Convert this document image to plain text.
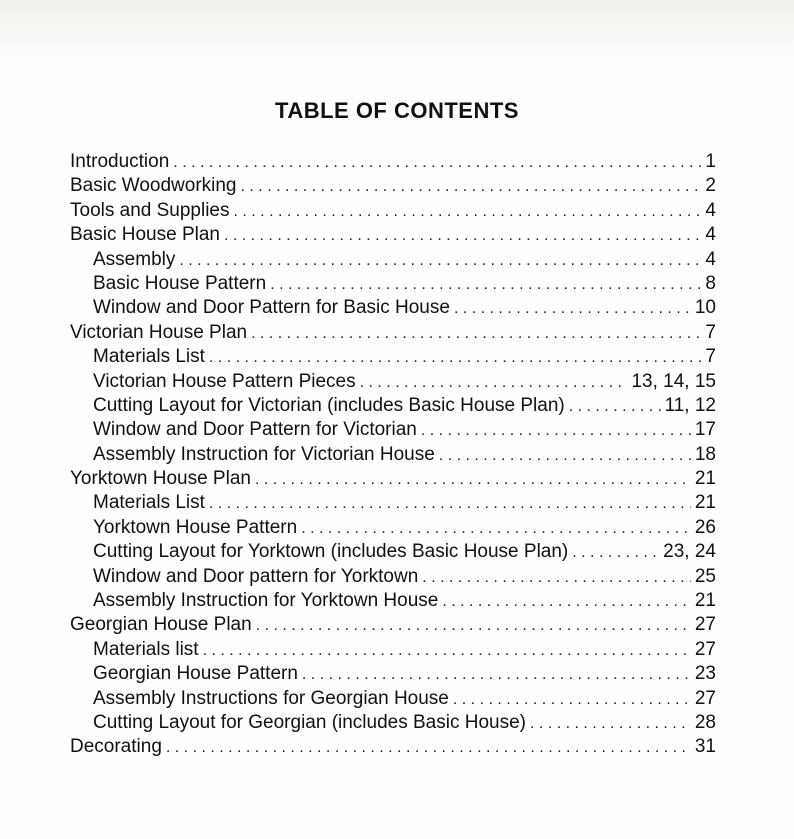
TABLE OF CONTENTS
Introduction . . .	1
Basic Woodworking . . .	2
Tools and Supplies . . .	4
Basic House Plan . . .	4
Assembly . . .	4
Basic House Pattern . . .	8
Window and Door Pattern for Basic House . . .	10
Victorian House Plan . . .	7
Materials List . . .	7
Victorian House Pattern Pieces . . .	13, 14, 15
Cutting Layout for Victorian (includes Basic House Plan) . . .	11, 12
Window and Door Pattern for Victorian . . .	17
Assembly Instruction for Victorian House . . .	18
Yorktown House Plan . . .	21
Materials List . . .	21
Yorktown House Pattern . . .	26
Cutting Layout for Yorktown (includes Basic House Plan) . . .	23, 24
Window and Door pattern for Yorktown . . .	25
Assembly Instruction for Yorktown House . . .	21
Georgian House Plan . . .	27
Materials list . . .	27
Georgian House Pattern . . .	23
Assembly Instructions for Georgian House . . .	27
Cutting Layout for Georgian (includes Basic House) . . .	28
Decorating . . .	31
